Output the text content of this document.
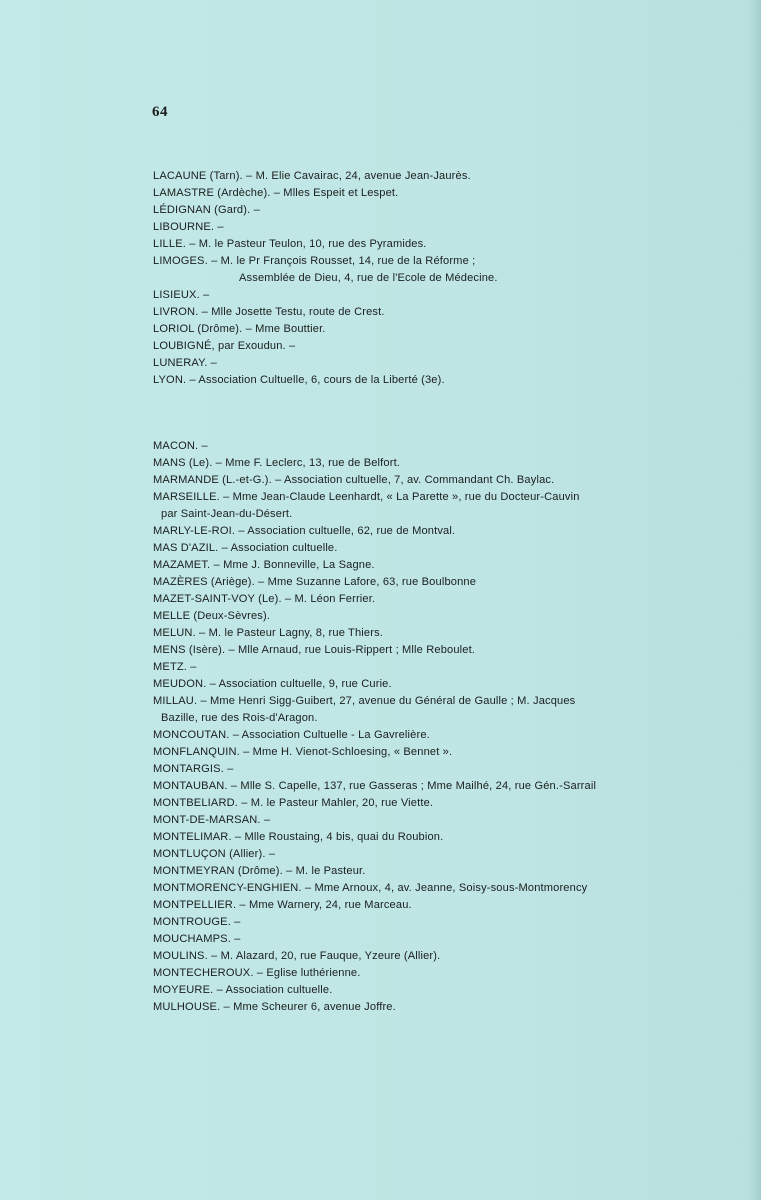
64
LACAUNE (Tarn). – M. Elie Cavairac, 24, avenue Jean-Jaurès.
LAMASTRE (Ardèche). – Mlles Espeit et Lespet.
LÉDIGNAN (Gard). –
LIBOURNE. –
LILLE. – M. le Pasteur Teulon, 10, rue des Pyramides.
LIMOGES. – M. le Pr François Rousset, 14, rue de la Réforme ;
Assemblée de Dieu, 4, rue de l'Ecole de Médecine.
LISIEUX. –
LIVRON. – Mlle Josette Testu, route de Crest.
LORIOL (Drôme). – Mme Bouttier.
LOUBIGNÉ, par Exoudun. –
LUNERAY. –
LYON. – Association Cultuelle, 6, cours de la Liberté (3e).
MACON. –
MANS (Le). – Mme F. Leclerc, 13, rue de Belfort.
MARMANDE (L.-et-G.). – Association cultuelle, 7, av. Commandant Ch. Baylac.
MARSEILLE. – Mme Jean-Claude Leenhardt, « La Parette », rue du Docteur-Cauvin
par Saint-Jean-du-Désert.
MARLY-LE-ROI. – Association cultuelle, 62, rue de Montval.
MAS D'AZIL. – Association cultuelle.
MAZAMET. – Mme J. Bonneville, La Sagne.
MAZÈRES (Ariège). – Mme Suzanne Lafore, 63, rue Boulbonne
MAZET-SAINT-VOY (Le). – M. Léon Ferrier.
MELLE (Deux-Sèvres).
MELUN. – M. le Pasteur Lagny, 8, rue Thiers.
MENS (Isère). – Mlle Arnaud, rue Louis-Rippert ; Mlle Reboulet.
METZ. –
MEUDON. – Association cultuelle, 9, rue Curie.
MILLAU. – Mme Henri Sigg-Guibert, 27, avenue du Général de Gaulle ; M. Jacques
Bazille, rue des Rois-d'Aragon.
MONCOUTAN. – Association Cultuelle - La Gavrelière.
MONFLANQUIN. – Mme H. Vienot-Schloesing, « Bennet ».
MONTARGIS. –
MONTAUBAN. – Mlle S. Capelle, 137, rue Gasseras ; Mme Mailhé, 24, rue Gén.-Sarrail
MONTBELIARD. – M. le Pasteur Mahler, 20, rue Viette.
MONT-DE-MARSAN. –
MONTELIMAR. – Mlle Roustaing, 4 bis, quai du Roubion.
MONTLUÇON (Allier). –
MONTMEYRAN (Drôme). – M. le Pasteur.
MONTMORENCY-ENGHIEN. – Mme Arnoux, 4, av. Jeanne, Soisy-sous-Montmorency
MONTPELLIER. – Mme Warnery, 24, rue Marceau.
MONTROUGE. –
MOUCHAMPS. –
MOULINS. – M. Alazard, 20, rue Fauque, Yzeure (Allier).
MONTECHEROUX. – Eglise luthérienne.
MOYEURE. – Association cultuelle.
MULHOUSE. – Mme Scheurer 6, avenue Joffre.
